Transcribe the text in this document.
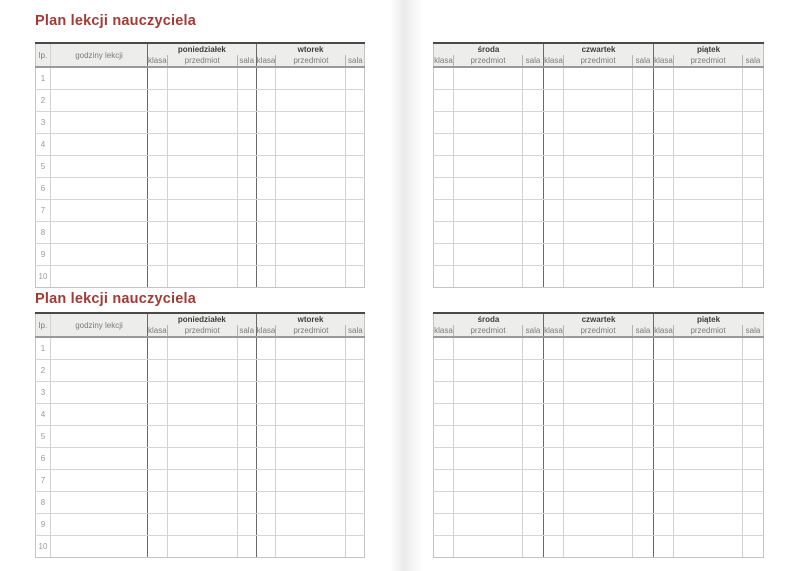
Plan lekcji nauczyciela
Plan lekcji nauczyciela
lp.	godziny lekcji	poniedziałek			wtorek		
		klasa	przedmiot	sala	klasa	przedmiot	sala
1							
2							
3							
4							
5							
6							
7							
8							
9							
10							
lp.	godziny lekcji	poniedziałek			wtorek		
		klasa	przedmiot	sala	klasa	przedmiot	sala
1							
2							
3							
4							
5							
6							
7							
8							
9							
10							
środa			czwartek			piątek		
klasa	przedmiot	sala	klasa	przedmiot	sala	klasa	przedmiot	sala

środa			czwartek			piątek		
klasa	przedmiot	sala	klasa	przedmiot	sala	klasa	przedmiot	sala
